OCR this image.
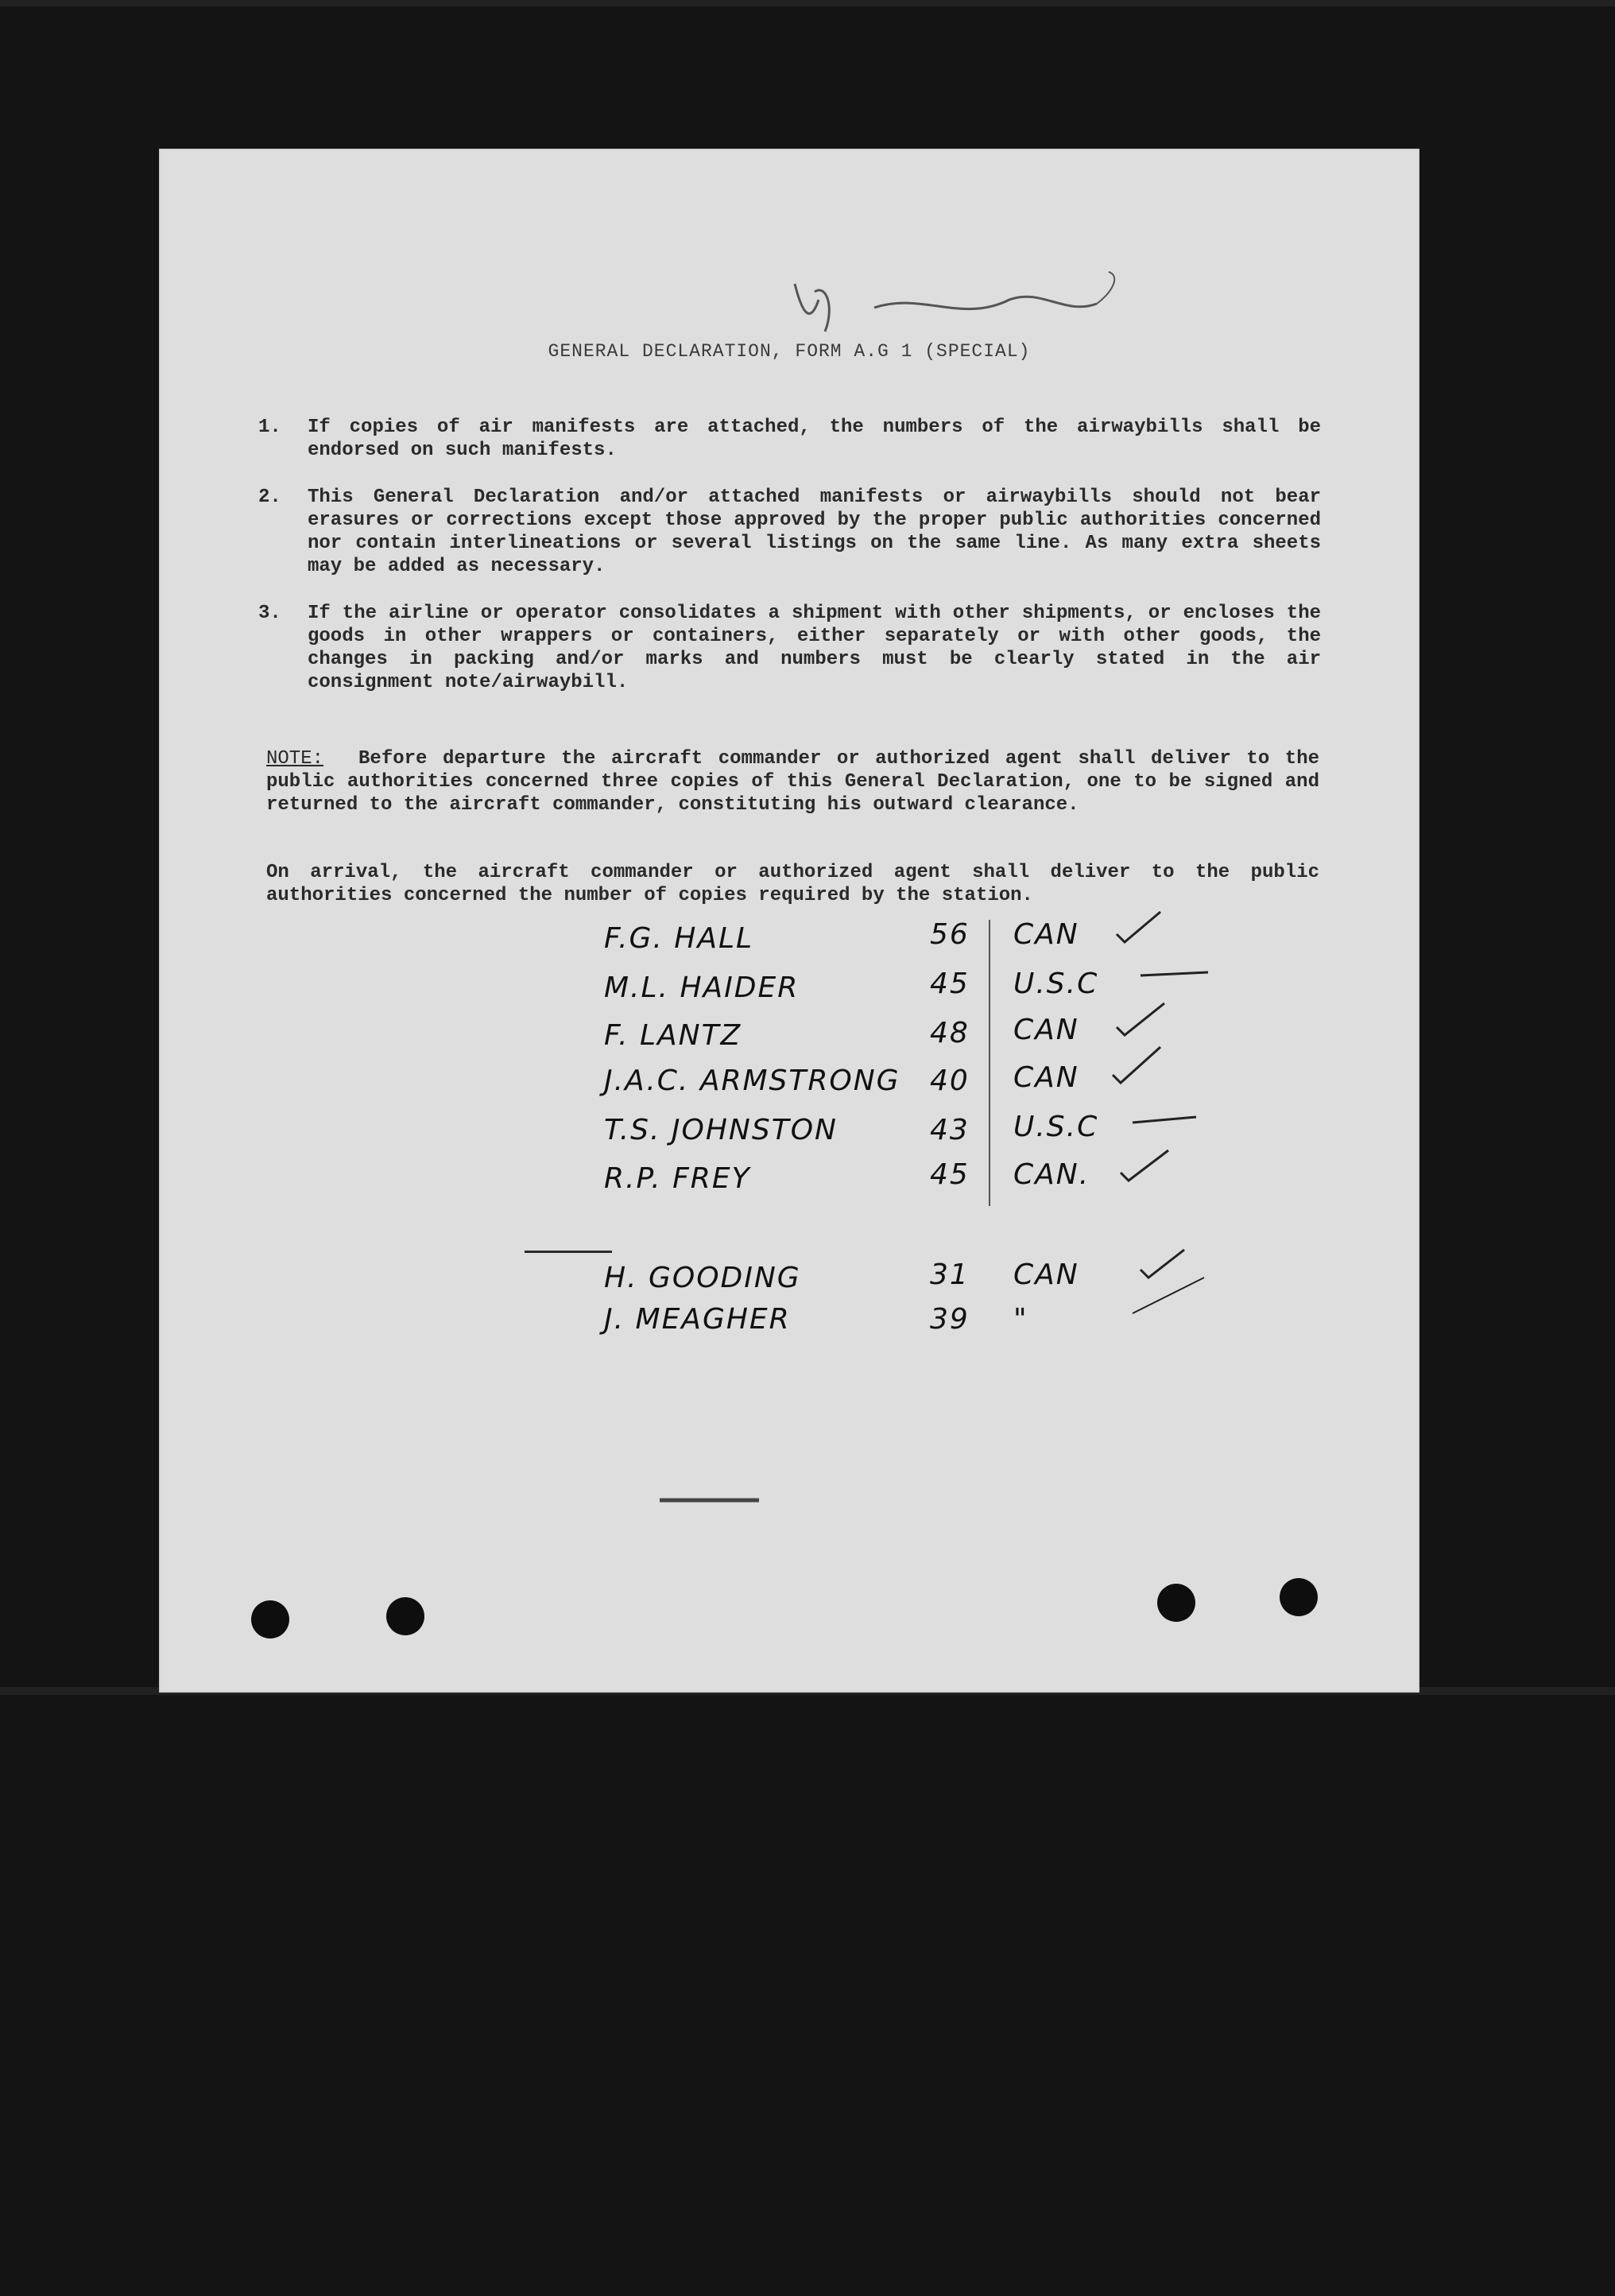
GENERAL DECLARATION, FORM A.G 1 (SPECIAL)
1.	If copies of air manifests are attached, the numbers of the airwaybills shall be endorsed on such manifests.
2.	This General Declaration and/or attached manifests or airwaybills should not bear erasures or corrections except those approved by the proper public authorities concerned nor contain interlineations or several listings on the same line. As many extra sheets may be added as necessary.
3.	If the airline or operator consolidates a shipment with other shipments, or encloses the goods in other wrappers or containers, either separately or with other goods, the changes in packing and/or marks and numbers must be clearly stated in the air consignment note/airwaybill.
NOTE: Before departure the aircraft commander or authorized agent shall deliver to the public authorities concerned three copies of this General Declaration, one to be signed and returned to the aircraft commander, constituting his outward clearance.
On arrival, the aircraft commander or authorized agent shall deliver to the public authorities concerned the number of copies required by the station.
F.G. HALL	56 CAN
M.L. HAIDER	45 U.S.C
F. LANTZ	48 CAN
J.A.C. ARMSTRONG 40 CAN
T.S. JOHNSTON	43 U.S.C
R.P. FREY	45 CAN.
H. GOODING	31 CAN
J. MEAGHER	39 "
